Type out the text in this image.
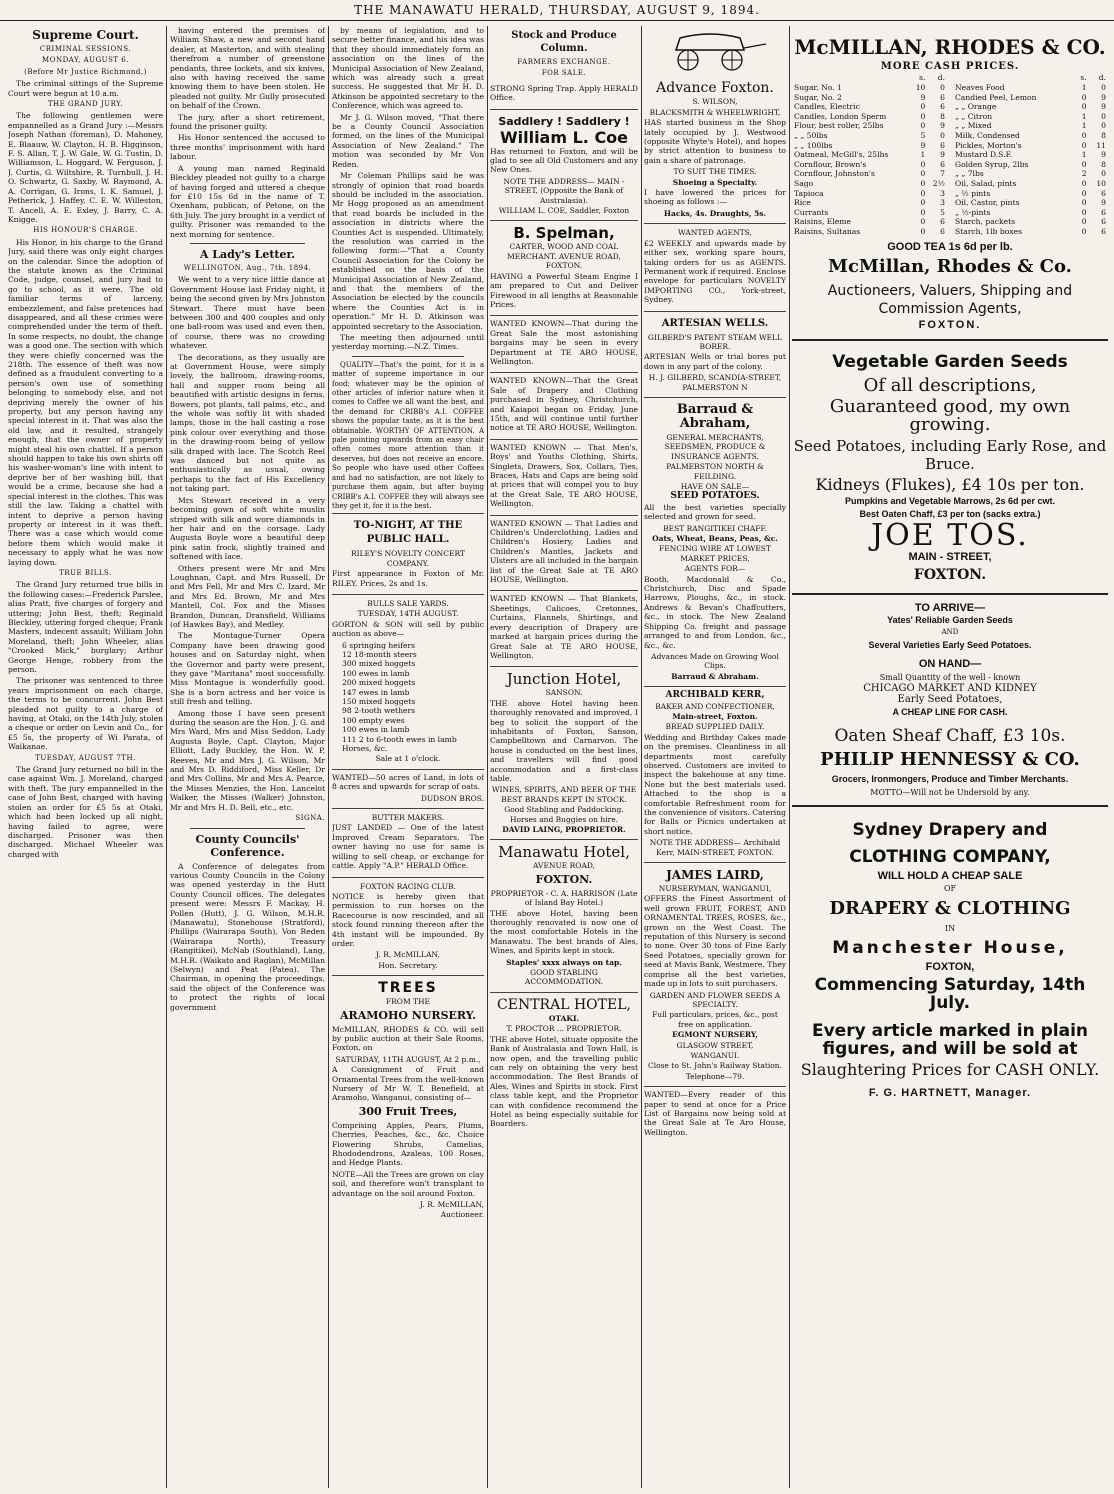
THE MANAWATU HERALD, THURSDAY, AUGUST 9, 1894.
Supreme Court.
CRIMINAL SESSIONS.
MONDAY, AUGUST 6.
(Before Mr Justice Richmond.)

The criminal sittings of the Supreme Court were begun at 10 a.m.

THE GRAND JURY.

The following gentlemen were empannelled as a Grand Jury :—Messrs Joseph Nathan (foreman), D. Mahoney, E. Blaauw, W. Clayton, H. B. Higginson, F. S. Allan, T. J. W. Gale, W. G. Tustin, D. Williamson, L. Hoggard, W. Ferguson, J. J. Curtis, G. Wiltshire, R. Turnbull, J. H. O. Schwartz, G. Saxby, W. Raymond, A. A. Corrigan, G. Irons, I. K. Samuel, J. Petherick, J. Haffey, C. E. W. Willeston, T. Ancell, A. E. Exley, J. Barry, C. A. Knigge.

HIS HONOUR'S CHARGE.

His Honor, in his charge to the Grand Jury, said there was only eight charges on the calendar. Since the adoption of the statute known as the Criminal Code, judge, counsel, and jury had to go to school, as it were. The old familiar terms of larceny, embezzlement, and false pretences had disappeared, and all these crimes were comprehended under the term of theft. In some respects, no doubt, the change was a good one. The section with which they were chiefly concerned was the 218th. The essence of theft was now defined as a fraudulent converting to a person's own use of something belonging to somebody else, and not depriving merely the owner of his property, but any person having any special interest in it. That was also the old law, and it resulted, strangely enough, that the owner of property might steal his own chattel. If a person should happen to take his own shirts off his washer-woman's line with intent to deprive her of her washing bill, that would be a crime, because she had a special interest in the clothes. This was still the law. Taking a chattel with intent to deprive a person having property or interest in it was theft. There was a case which would come before them which would make it necessary to apply what he was now laying down.

TRUE BILLS.

The Grand Jury returned true bills in the following cases:—Frederick Parslee, alias Pratt, five charges of forgery and uttering; John Best, theft; Reginald Bleckley, uttering forged cheque; Frank Masters, indecent assault; William John Moreland, theft; John Wheeler, alias "Crooked Mick," burglary; Arthur George Henge, robbery from the person.

The prisoner was sentenced to three years imprisonment on each charge, the terms to be concurrent. John Best pleaded not guilty to a charge of having, at Otaki, on the 14th July, stolen a cheque or order on Levin and Co., for £5 5s, the property of Wi Parata, of Waikanae.

TUESDAY, AUGUST 7TH.

The Grand Jury returned no bill in the case against Wm. J. Moreland, charged with theft. The jury empannelled in the case of John Best, charged with having stolen an order for £5 5s at Otaki, which had been locked up all night, having failed to agree, were discharged. Prisoner was then discharged. Michael Wheeler was charged with

having entered the premises of William Shaw, a new and second hand dealer, at Masterton, and with stealing therefrom a number of greenstone pendants, three lockets, and six knives, also with having received the same knowing them to have been stolen. He pleaded not guilty. Mr Gully prosecuted on behalf of the Crown.

The jury, after a short retirement, found the prisoner guilty.

His Honor sentenced the accused to three months' imprisonment with hard labour.

A young man named Reginald Bleckley pleaded not guilty to a charge of having forged and uttered a cheque for £10 15s 6d in the name of T. Oxenham, publican, of Petone, on the 6th July. The jury brought in a verdict of guilty. Prisoner was remanded to the next morning for sentence.

A Lady's Letter.
WELLINGTON, Aug., 7th, 1894.

We went to a very nice little dance at Government House last Friday night, it being the second given by Mrs Johnston Stewart. There must have been between 300 and 400 couples and only one ball-room was used and even then, of course, there was no crowding whatever.

The decorations, as they usually are at Government House, were simply lovely, the ballroom, drawing-rooms, hall and supper room being all beautified with artistic designs in ferns, flowers, pot plants, tall palms, etc., and the whole was softly lit with shaded lamps, those in the hall casting a rose pink colour over everything and those in the drawing-room being of yellow silk draped with lace. The Scotch Reel was danced but not quite as enthusiastically as usual, owing perhaps to the fact of His Excellency not taking part.

Mrs Stewart received in a very becoming gown of soft white muslin striped with silk and wore diamonds in her hair and on the corsage. Lady Augusta Boyle wore a beautiful deep pink satin frock, slightly trained and softened with lace.

Others present were Mr and Mrs Loughnan, Capt. and Mrs Russell, Dr and Mrs Fell, Mr and Mrs C. Izard, Mr and Mrs Ed. Brown, Mr and Mrs Mantell, Col. Fox and the Misses Brandon, Duncan, Dransfield, Williams (of Hawkes Bay), and Medley.

The Montague-Turner Opera Company have been drawing good houses and on Saturday night, when the Governor and party were present, they gave "Maritana" most successfully. Miss Montague is wonderfully good. She is a born actress and her voice is still fresh and telling.

Among those I have seen present during the season are the Hon. J. G. and Mrs Ward, Mrs and Miss Seddon, Lady Augusta Boyle, Capt. Clayton, Major Elliott, Lady Buckley, the Hon. W. P. Reeves, Mr and Mrs J. G. Wilson, Mr and Mrs D. Riddiford, Miss Keller, Dr and Mrs Collins, Mr and Mrs A. Pearce, the Misses Menzies, the Hon. Lancelot Walker, the Misses (Walker) Johnston, Mr and Mrs H. D. Bell, etc., etc.

SIGNA.
County Councils' Conference.

A Conference of delegates from various County Councils in the Colony was opened yesterday in the Hutt County Council offices. The delegates present were: Messrs F. Mackay, H. Pollen (Hutt), J. G. Wilson, M.H.R. (Manawatu), Stonehouse (Stratford), Phillips (Wairarapa South), Von Reden (Wairarapa North), Treasury (Rangitikei), McNab (Southland), Lang, M.H.R. (Waikato and Raglan), McMillan (Selwyn) and Peat (Patea). The Chairman, in opening the proceedings, said the object of the Conference was to protect the rights of local government

by means of legislation, and to secure better finance, and his idea was that they should immediately form an association on the lines of the Municipal Association of New Zealand, which was already such a great success. He suggested that Mr H. D. Atkinson be appointed secretary to the Conference, which was agreed to.

Mr J. G. Wilson moved, "That there be a County Council Association formed, on the lines of the Municipal Association of New Zealand." The motion was seconded by Mr Von Reden.

Mr Coleman Phillips said he was strongly of opinion that road boards should be included in the association. Mr Hogg proposed as an amendment that road boards be included in the association in districts where the Counties Act is suspended. Ultimately, the resolution was carried in the following form:—"That a County Council Association for the Colony be established on the basis of the Municipal Association of New Zealand, and that the members of the Association be elected by the councils where the Counties Act is in operation." Mr H. D. Atkinson was appointed secretary to the Association.

The meeting then adjourned until yesterday morning.—N.Z. Times.

QUALITY—That's the point, for it is a matter of supreme importance in our food; whatever may be the opinion of other articles of inferior nature when it comes to Coffee we all want the best, and the demand for CRIBB's A.I. COFFEE shows the popular taste, as it is the best obtainable. WORTHY OF ATTENTION. A pale pointing upwards from an easy chair often comes more attention than it deserves, but does not receive an encore. So people who have used other Coffees and had no satisfaction, are not likely to purchase them again, but after buying CRIBB's A.I. COFFEE they will always see they get it, for it is the best.

TO-NIGHT, AT THE PUBLIC HALL.
RILEY'S NOVELTY CONCERT COMPANY.

First appearance in Foxton of Mr. RILEY. Prices, 2s and 1s.

BULLS SALE YARDS.
TUESDAY, 14TH AUGUST.

GORTON & SON will sell by public auction as above—

6 springing heifers
12 18-month steers
300 mixed hoggets
100 ewes in lamb
200 mixed hoggets
147 ewes in lamb
150 mixed hoggets
98 2-tooth wethers
100 empty ewes
100 ewes in lamb
111 2 to 6-tooth ewes in lamb
Horses, &c.
Sale at 1 o'clock.

WANTED—50 acres of Land, in lots of 8 acres and upwards for scrap of oats.

DUDSON BROS.
BUTTER MAKERS.

JUST LANDED — One of the latest Improved Cream Separators. The owner having no use for same is willing to sell cheap, or exchange for cattle. Apply "A.P." HERALD Office.

FOXTON RACING CLUB.

NOTICE is hereby given that permission to run horses on the Racecourse is now rescinded, and all stock found running thereon after the 4th instant will be impounded. By order.

J. R. McMILLAN,
Hon. Secretary.
TREES
FROM THE
ARAMOHO NURSERY.

McMILLAN, RHODES & CO. will sell by public auction at their Sale Rooms, Foxton, on

SATURDAY, 11TH AUGUST, At 2 p.m.,

A Consignment of Fruit and Ornamental Trees from the well-known Nursery of Mr W. T. Benefield, at Aramoho, Wanganui, consisting of—

300 Fruit Trees,

Comprising Apples, Pears, Plums, Cherries, Peaches, &c., &c. Choice Flowering Shrubs, Camelias, Rhododendrons, Azaleas, 100 Roses, and Hedge Plants.

NOTE—All the Trees are grown on clay soil, and therefore won't transplant to advantage on the soil around Foxton.

J. R. McMILLAN,
Auctioneer.
Stock and Produce Column.
FARMERS EXCHANGE.
FOR SALE.

STRONG Spring Trap. Apply HERALD Office.

Saddlery ! Saddlery !
William L. Coe

Has returned to Foxton, and will be glad to see all Old Customers and any New Ones.

NOTE THE ADDRESS— MAIN - STREET, (Opposite the Bank of Australasia).
WILLIAM L. COE, Saddler, Foxton
B. Spelman,
CARTER, WOOD AND COAL MERCHANT. AVENUE ROAD, FOXTON.

HAVING a Powerful Steam Engine I am prepared to Cut and Deliver Firewood in all lengths at Reasonable Prices.

WANTED KNOWN—That during the Great Sale the most astonishing bargains may be seen in every Department at TE ARO HOUSE, Wellington.

WANTED KNOWN—That the Great Sale of Drapery and Clothing purchased in Sydney, Christchurch, and Kaiapoi began on Friday, June 15th, and will continue until further notice at TE ARO HOUSE, Wellington.

WANTED KNOWN — That Men's, Boys' and Youths Clothing, Shirts, Singlets, Drawers, Sox, Collars, Ties, Braces, Hats and Caps are being sold at prices that will compel you to buy at the Great Sale, TE ARO HOUSE, Wellington.

WANTED KNOWN — That Ladies and Children's Underclothing, Ladies and Children's Hosiery, Ladies and Children's Mantles, Jackets and Ulsters are all included in the bargain list of the Great Sale at TE ARO HOUSE, Wellington.

WANTED KNOWN — That Blankets, Sheetings, Calicoes, Cretonnes, Curtains, Flannels, Shirtings, and every description of Drapery are marked at bargain prices during the Great Sale at TE ARO HOUSE, Wellington.

Junction Hotel,
SANSON.

THE above Hotel having been thoroughly renovated and improved, I beg to solicit the support of the inhabitants of Foxton, Sanson, Campbelltown and Carnarvon. The house is conducted on the best lines, and travellers will find good accommodation and a first-class table.

WINES, SPIRITS, AND BEER OF THE BEST BRANDS KEPT IN STOCK.
Good Stabling and Paddocking. Horses and Buggies on hire.
DAVID LAING, PROPRIETOR.
Manawatu Hotel,
AVENUE ROAD,
FOXTON.
PROPRIETOR - C. A. HARRISON (Late of Island Bay Hotel.)

THE above Hotel, having been thoroughly renovated is now one of the most comfortable Hotels in the Manawatu. The best brands of Ales, Wines, and Spirits kept in stock.

Staples' xxxx always on tap.
GOOD STABLING ACCOMMODATION.
CENTRAL HOTEL,
OTAKI.
T. PROCTOR ... PROPRIETOR.

THE above Hotel, situate opposite the Bank of Australasia and Town Hall, is now open, and the travelling public can rely on obtaining the very best accommodation. The Best Brands of Ales, Wines and Spirits in stock. First class table kept, and the Proprietor can with confidence recommend the Hotel as being especially suitable for Boarders.

Advance Foxton.
S. WILSON,
BLACKSMITH & WHEELWRIGHT,

HAS started business in the Shop lately occupied by J. Westwood (opposite Whyte's Hotel), and hopes by strict attention to business to gain a share of patronage.

TO SUIT THE TIMES.
Shoeing a Specialty.

I have lowered the prices for shoeing as follows :—

Hacks, 4s. Draughts, 5s.
WANTED AGENTS,

£2 WEEKLY and upwards made by either sex, working spare hours, taking orders for us as AGENTS. Permanent work if required. Enclose envelope for particulars NOVELTY IMPORTING CO., York-street, Sydney.

ARTESIAN WELLS.
GILBERD'S PATENT STEAM WELL BORER.

ARTESIAN Wells or trial bores put down in any part of the colony.

H. J. GILBERD, SCANDIA-STREET, PALMERSTON N
Barraud & Abraham,
GENERAL MERCHANTS, SEEDSMEN, PRODUCE & INSURANCE AGENTS.
PALMERSTON NORTH & FEILDING.
HAVE ON SALE—
SEED POTATOES.

All the best varieties specially selected and grown for seed.

BEST RANGITIKEI CHAFF.
Oats, Wheat, Beans, Peas, &c.
FENCING WIRE AT LOWEST MARKET PRICES,
AGENTS FOR—

Booth, Macdonald & Co., Christchurch, Disc and Spade Harrows, Ploughs, &c., in stock. Andrews & Bevan's Chaffcutters, &c., in stock. The New Zealand Shipping Co. freight and passage arranged to and from London, &c., &c., &c.

Advances Made on Growing Wool Clips.
Barraud & Abraham.
ARCHIBALD KERR,
BAKER AND CONFECTIONER,
Main-street, Foxton.
BREAD SUPPLIED DAILY.

Wedding and Birthday Cakes made on the premises. Cleanliness in all departments most carefully observed. Customers are invited to inspect the bakehouse at any time. None but the best materials used. Attached to the shop is a comfortable Refreshment room for the convenience of visitors. Catering for Balls or Picnics undertaken at short notice.

NOTE THE ADDRESS— Archibald Kerr, MAIN-STREET, FOXTON.
JAMES LAIRD,
NURSERYMAN, WANGANUI,

OFFERS the Finest Assortment of well grown FRUIT, FOREST, AND ORNAMENTAL TREES, ROSES, &c., grown on the West Coast. The reputation of this Nursery is second to none. Over 30 tons of Fine Early Seed Potatoes, specially grown for seed at Mavis Bank, Westmere. They comprise all the best varieties, made up in lots to suit purchasers.

GARDEN AND FLOWER SEEDS A SPECIALTY.
Full particulars, prices, &c., post free on application.
EGMONT NURSERY,
GLASGOW STREET,
WANGANUI.
Close to St. John's Railway Station.
Telephone—79.

WANTED—Every reader of this paper to send at once for a Price List of Bargains now being sold at the Great Sale at Te Aro House, Wellington.

McMILLAN, RHODES & CO.
MORE CASH PRICES.
	s.	d.
Sugar, No. 1	10	0
Sugar, No. 2	9	6
Candles, Electric	0	6
Candles, London Sperm	0	8
Flour, best roller, 25lbs	0	9
„ „ 50lbs	5	0
„ „ 100lbs	9	6
Oatmeal, McGill's, 25lbs	1	9
Cornflour, Brown's	0	6
Cornflour, Johnston's	0	7
Sago	0	2½
Tapioca	0	3
Rice	0	3
Currants	0	5
Raisins, Eleme	0	6
Raisins, Sultanas	0	6
	s.	d.
Neaves Food	1	0
Candied Peel, Lemon	0	9
„ „ Orange	0	9
„ „ Citron	1	0
„ „ Mixed	1	0
Milk, Condensed	0	8
Pickles, Morton's	0	11
Mustard D.S.F.	1	9
Golden Syrup, 2lbs	0	8
„ „ 7lbs	2	0
Oil, Salad, pints	0	10
„ ½ pints	0	6
Oil, Castor, pints	0	9
„ ½-pints	0	6
Starch, packets	0	6
Starch, 1lb boxes	0	6
GOOD TEA 1s 6d per lb.
McMillan, Rhodes & Co.
Auctioneers, Valuers, Shipping and Commission Agents,
FOXTON.
Vegetable Garden Seeds
Of all descriptions,
Guaranteed good, my own growing.
Seed Potatoes, including Early Rose, and Bruce.
Kidneys (Flukes), £4 10s per ton.
Pumpkins and Vegetable Marrows, 2s 6d per cwt.
Best Oaten Chaff, £3 per ton (sacks extra.)
JOE TOS.
MAIN - STREET,
FOXTON.
TO ARRIVE—
Yates' Reliable Garden Seeds
AND
Several Varieties Early Seed Potatoes.
ON HAND—
Small Quantity of the well - known
CHICAGO MARKET AND KIDNEY
Early Seed Potatoes,
A CHEAP LINE FOR CASH.
Oaten Sheaf Chaff, £3 10s.
PHILIP HENNESSY & CO.
Grocers, Ironmongers, Produce and Timber Merchants.
MOTTO—Will not be Undersold by any.
Sydney Drapery and
CLOTHING COMPANY,
WILL HOLD A CHEAP SALE
OF
DRAPERY & CLOTHING
IN
Manchester House,
FOXTON,
Commencing Saturday, 14th July.
Every article marked in plain figures, and will be sold at
Slaughtering Prices for CASH ONLY.
F. G. HARTNETT, Manager.
